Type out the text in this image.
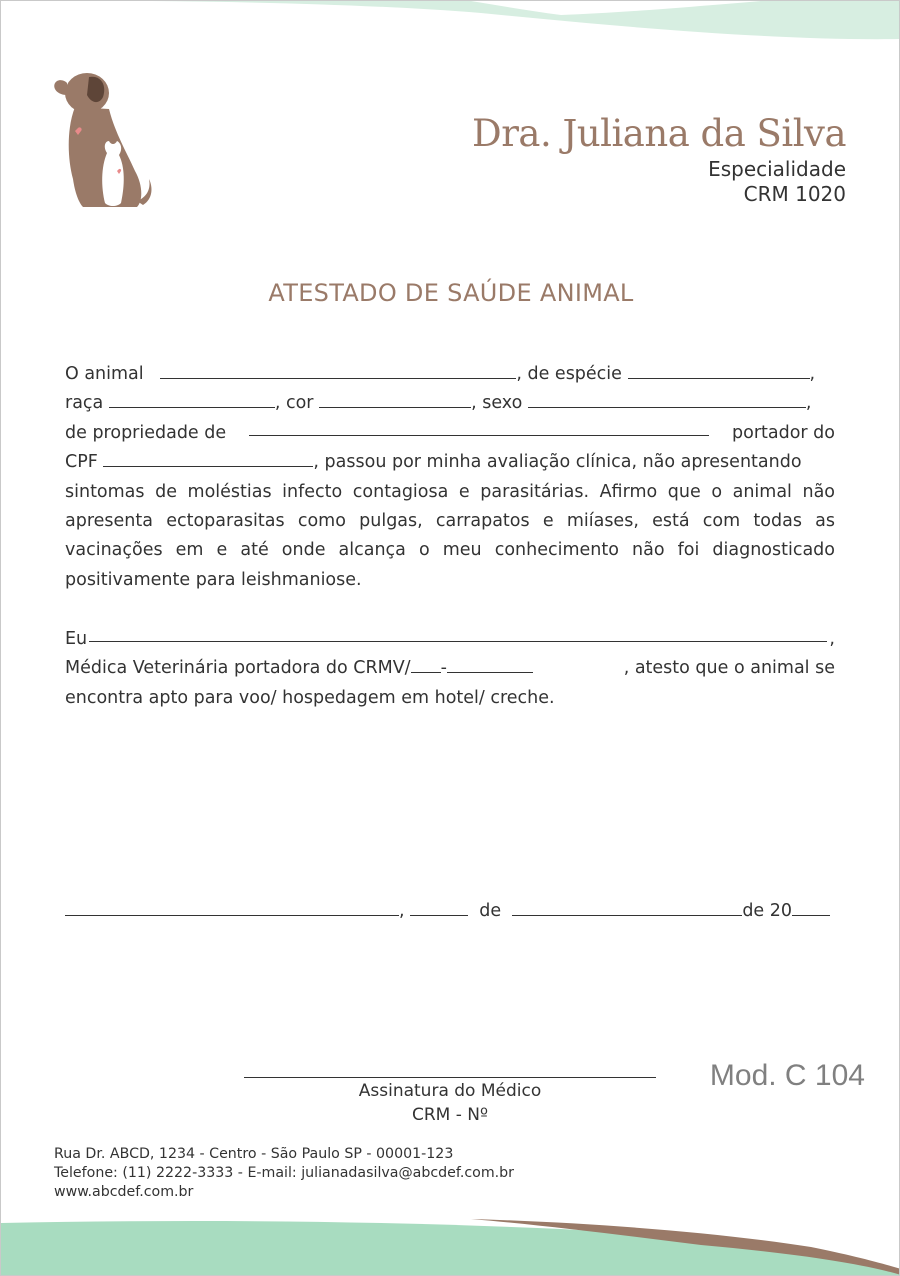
Dra. Juliana da Silva
Especialidade
CRM 1020
ATESTADO DE SAÚDE ANIMAL
O animal	, de espécie	,
raça	, cor	, sexo	,
de propriedade de	portador do
CPF	, passou por minha avaliação clínica, não apresentando
sintomas de moléstias infecto contagiosa e parasitárias. Afirmo que o animal não apresenta ectoparasitas como pulgas, carrapatos e miíases, está com todas as vacinações em e até onde alcança o meu conhecimento não foi diagnosticado positivamente para leishmaniose.
Eu	,
Médica Veterinária portadora do CRMV/ -	, atesto que o animal se
encontra apto para voo/ hospedagem em hotel/ creche.
,

	de
	de 20
Assinatura do Médico
CRM - Nº
Mod. C 104
Rua Dr. ABCD, 1234 - Centro - São Paulo SP - 00001-123
Telefone: (11) 2222-3333 - E-mail: julianadasilva@abcdef.com.br
www.abcdef.com.br
